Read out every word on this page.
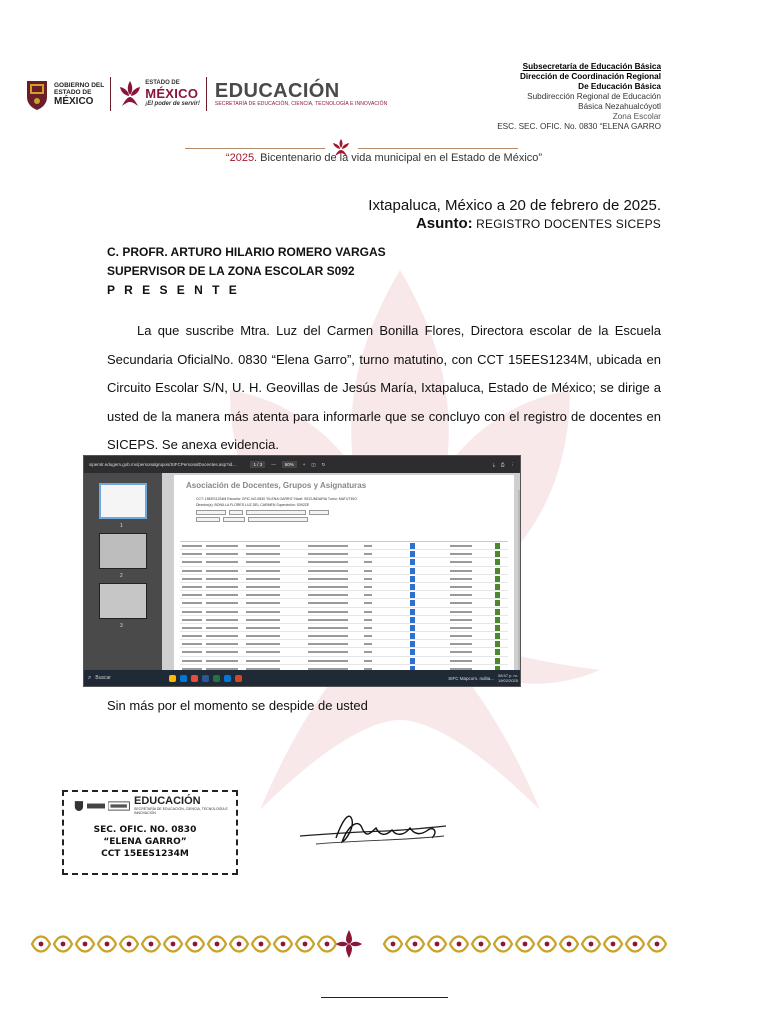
GOBIERNO DEL
ESTADO DE
MÉXICO
ESTADO DE
MÉXICO
¡El poder de servir!
EDUCACIÓN
SECRETARÍA DE EDUCACIÓN, CIENCIA, TECNOLOGÍA E INNOVACIÓN
Subsecretaría de Educación Básica
Dirección de Coordinación Regional
De Educación Básica
Subdirección Regional de Educación
Básica Nezahualcóyotl
Zona Escolar
ESC. SEC. OFIC. No. 0830 “ELENA GARRO
“2025. Bicentenario de la vida municipal en el Estado de México”
Ixtapaluca, México a 20 de febrero de 2025.
Asunto: REGISTRO DOCENTES SICEPS
C. PROFR. ARTURO HILARIO ROMERO VARGAS
SUPERVISOR DE LA ZONA ESCOLAR S092
P R E S E N T E

La que suscribe Mtra. Luz del Carmen Bonilla Flores, Directora escolar de la Escuela Secundaria OficialNo. 0830 “Elena Garro”, turno matutino, con CCT 15EES1234M, ubicada en Circuito Escolar S/N, U. H. Geovillas de Jesús María, Ixtapaluca, Estado de México; se dirige a usted de la manera más atenta para informarle que se concluyo con el registro de docentes en SICEPS. Se anexa evidencia.

sipemtr.edugem.gob.mx/personalgrupos/SIFCPersonalDocentes.asp?id...	1 / 3	—	60%	+ ◫ ↻	⤓ ⎙ ⋮
1
2
3
Asociación de Docentes, Grupos y Asignaturas
CCT: 15EES1234M Escuela: OFIC.NO.0830 “ELENA GARRO” Nivel: SECUNDARIA Turno: MATUTINO
Director(a): BONILLA FLORES LUZ DEL CARMEN Supervisión: S092ZE
⌕ Buscar	SIFC Mapcom. nulita... 08:57 p. m.
19/02/2025
Sin más por el momento se despide de usted
EDUCACIÓN
SECRETARÍA DE EDUCACIÓN, CIENCIA, TECNOLOGÍA E INNOVACIÓN
SEC. OFIC. NO. 0830
“ELENA GARRO”
CCT 15EES1234M
